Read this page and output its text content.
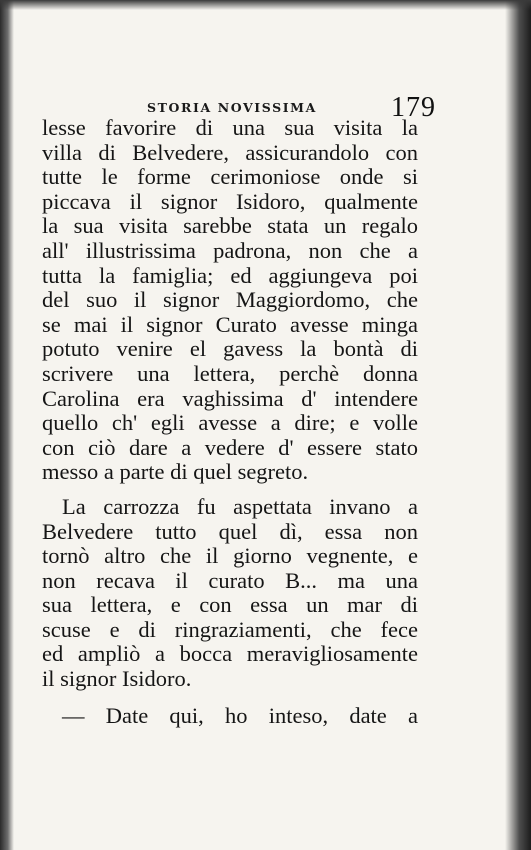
STORIA NOVISSIMA	179
lesse favorire di una sua visita la
villa di Belvedere, assicurandolo con
tutte le forme cerimoniose onde si
piccava il signor Isidoro, qualmente
la sua visita sarebbe stata un regalo
all' illustrissima padrona, non che a
tutta la famiglia; ed aggiungeva poi
del suo il signor Maggiordomo, che
se mai il signor Curato avesse minga
potuto venire el gavess la bontà di
scrivere una lettera, perchè donna
Carolina era vaghissima d' intendere
quello ch' egli avesse a dire; e volle
con ciò dare a vedere d' essere stato
messo a parte di quel segreto.
La carrozza fu aspettata invano a
Belvedere tutto quel dì, essa non
tornò altro che il giorno vegnente, e
non recava il curato B... ma una
sua lettera, e con essa un mar di
scuse e di ringraziamenti, che fece
ed ampliò a bocca meravigliosamente
il signor Isidoro.
— Date qui, ho inteso, date a
